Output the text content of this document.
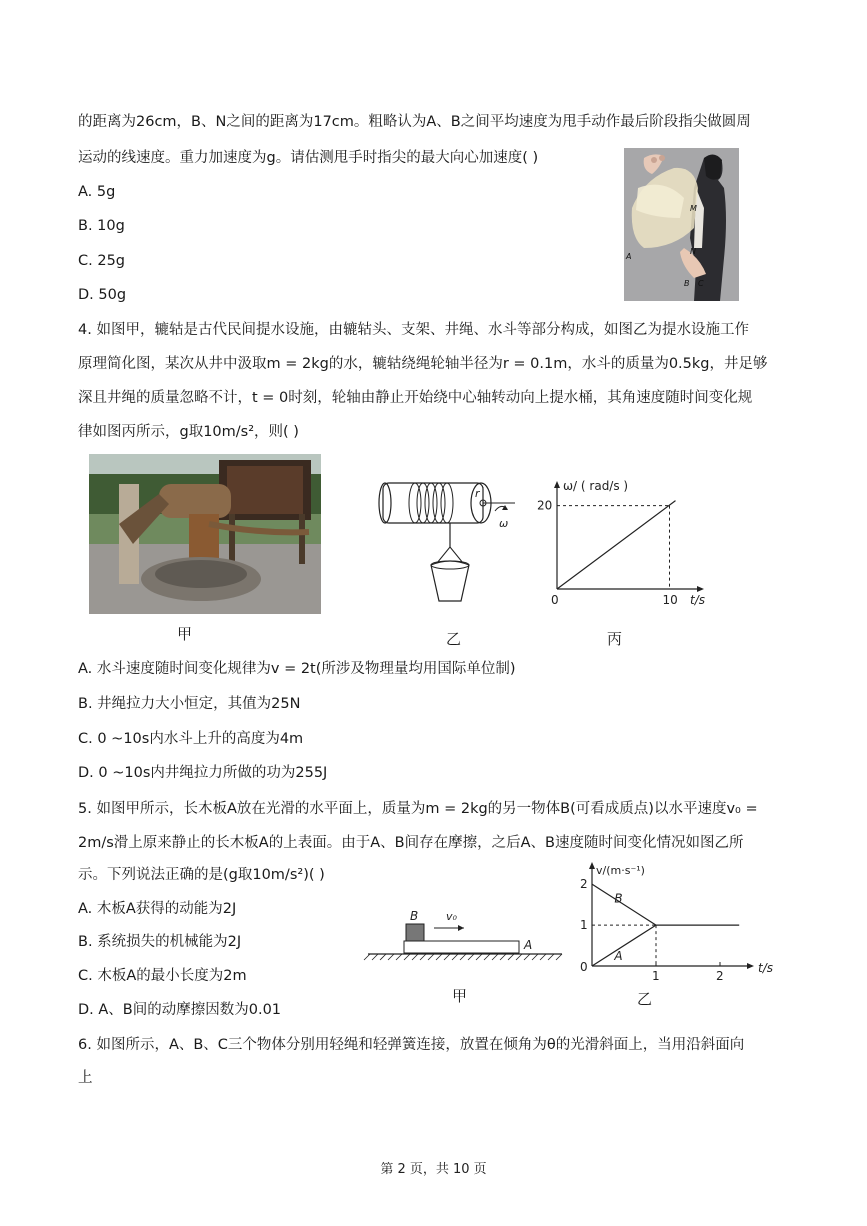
的距离为26cm，B、N之间的距离为17cm。粗略认为A、B之间平均速度为甩手动作最后阶段指尖做圆周
运动的线速度。重力加速度为g。请估测甩手时指尖的最大向心加速度( )
A. 5g
B. 10g
C. 25g
D. 50g
M
N
A
B C
4. 如图甲，辘轱是古代民间提水设施，由辘轱头、支架、井绳、水斗等部分构成，如图乙为提水设施工作
原理简化图，某次从井中汲取m = 2kg的水，辘轱绕绳轮轴半径为r = 0.1m，水斗的质量为0.5kg，井足够
深且井绳的质量忽略不计，t = 0时刻，轮轴由静止开始绕中心轴转动向上提水桶，其角速度随时间变化规
律如图丙所示，g取10m/s²，则( )
甲
r
ω
乙
ω/ ( rad/s )
t/s
0	10
20
丙
A. 水斗速度随时间变化规律为v = 2t(所涉及物理量均用国际单位制)
B. 井绳拉力大小恒定，其值为25N
C. 0 ~10s内水斗上升的高度为4m
D. 0 ~10s内井绳拉力所做的功为255J
5. 如图甲所示，长木板A放在光滑的水平面上，质量为m = 2kg的另一物体B(可看成质点)以水平速度v₀ =
2m/s滑上原来静止的长木板A的上表面。由于A、B间存在摩擦，之后A、B速度随时间变化情况如图乙所
示。下列说法正确的是(g取10m/s²)( )
A. 木板A获得的动能为2J
B. 系统损失的机械能为2J
C. 木板A的最小长度为2m
D. A、B间的动摩擦因数为0.01
B	v₀
A
甲
v/(m·s⁻¹)
t/s
0
1	2
1
2
B
A
乙
6. 如图所示，A、B、C三个物体分别用轻绳和轻弹簧连接，放置在倾角为θ的光滑斜面上，当用沿斜面向
上
第 2 页，共 10 页
